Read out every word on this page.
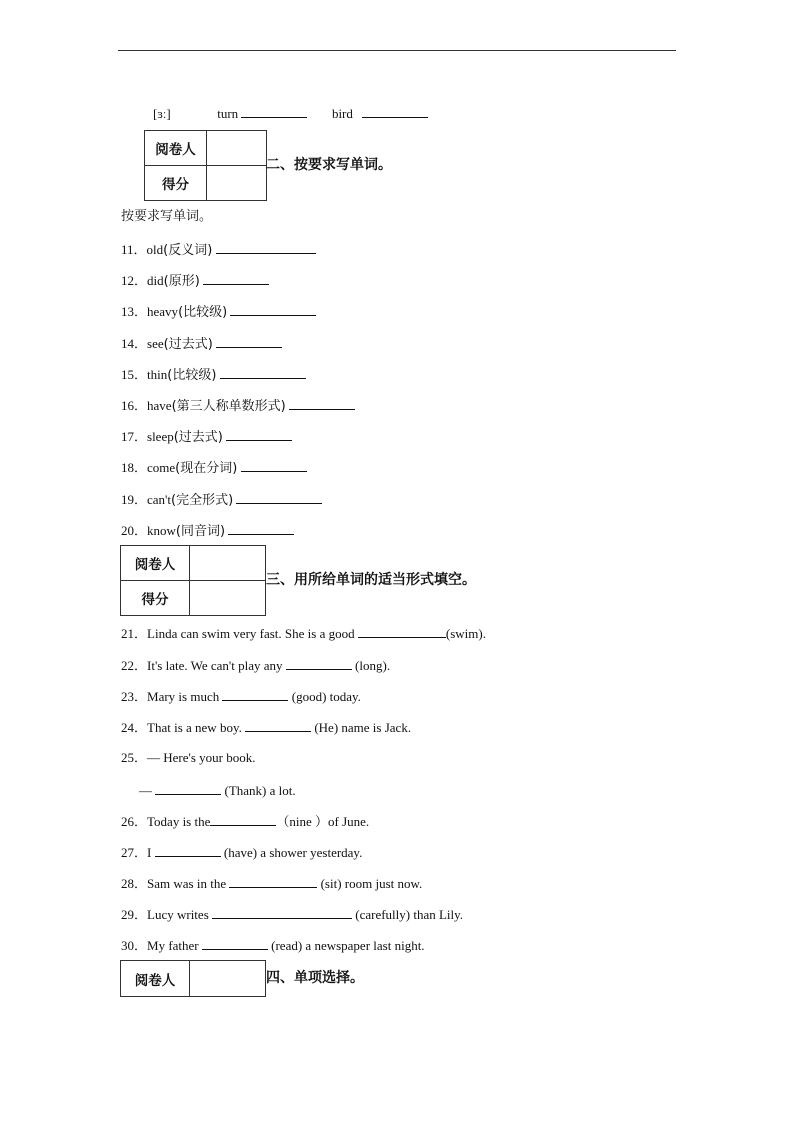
[ɜː]	turn	bird
阅卷人	
得分	
二、按要求写单词。
按要求写单词。
11．old(反义词)
12．did(原形)
13．heavy(比较级)
14．see(过去式)
15．thin(比较级)
16．have(第三人称单数形式)
17．sleep(过去式)
18．come(现在分词)
19．can't(完全形式)
20．know(同音词)
阅卷人	
得分	
三、用所给单词的适当形式填空。
21．Linda can swim very fast. She is a good	(swim).
22．It's late. We can't play any	(long).
23．Mary is much	(good) today.
24．That is a new boy.	(He) name is Jack.
25．— Here's your book.
—	(Thank) a lot.
26．Today is the	（nine ）of June.
27．I	(have) a shower yesterday.
28．Sam was in the	(sit) room just now.
29．Lucy writes	(carefully) than Lily.
30．My father	(read) a newspaper last night.
阅卷人		四、单项选择。
